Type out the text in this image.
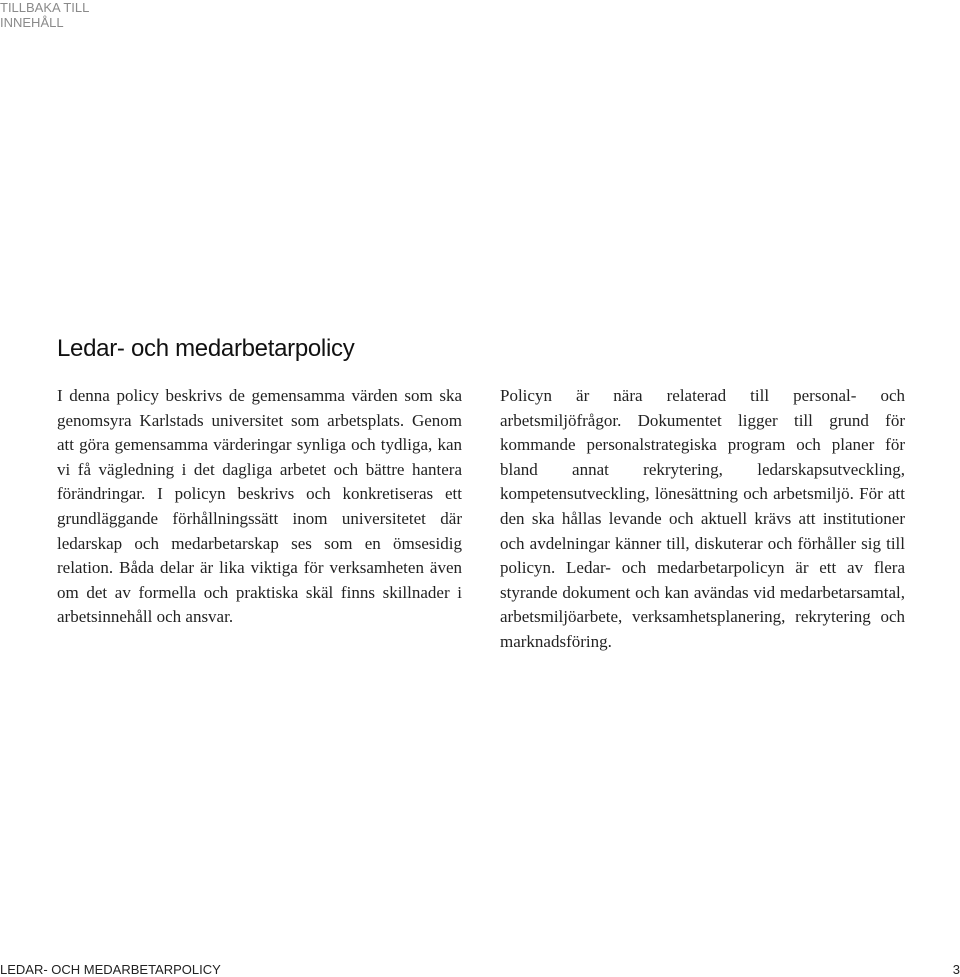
TILLBAKA TILL
INNEHÅLL
Ledar- och medarbetarpolicy

I denna policy beskrivs de gemensamma värden som ska genomsyra Karlstads universitet som arbetsplats. Genom att göra gemensamma värderingar synliga och tydliga, kan vi få vägledning i det dagliga arbetet och bättre hantera förändringar. I policyn beskrivs och konkretiseras ett grundläggande förhållningssätt inom universitetet där ledarskap och medarbetarskap ses som en ömsesidig relation. Båda delar är lika viktiga för verksamheten även om det av formella och praktiska skäl finns skillnader i arbetsinnehåll och ansvar.

Policyn är nära relaterad till personal- och arbetsmiljöfrågor. Dokumentet ligger till grund för kommande personalstrategiska program och planer för bland annat rekrytering, ledarskapsutveckling, kompetensutveckling, lönesättning och arbetsmiljö. För att den ska hållas levande och aktuell krävs att institutioner och avdelningar känner till, diskuterar och förhåller sig till policyn. Ledar- och medarbetarpolicyn är ett av flera styrande dokument och kan avändas vid medarbetarsamtal, arbetsmiljöarbete, verksamhetsplanering, rekrytering och marknadsföring.

LEDAR- OCH MEDARBETARPOLICY	3
